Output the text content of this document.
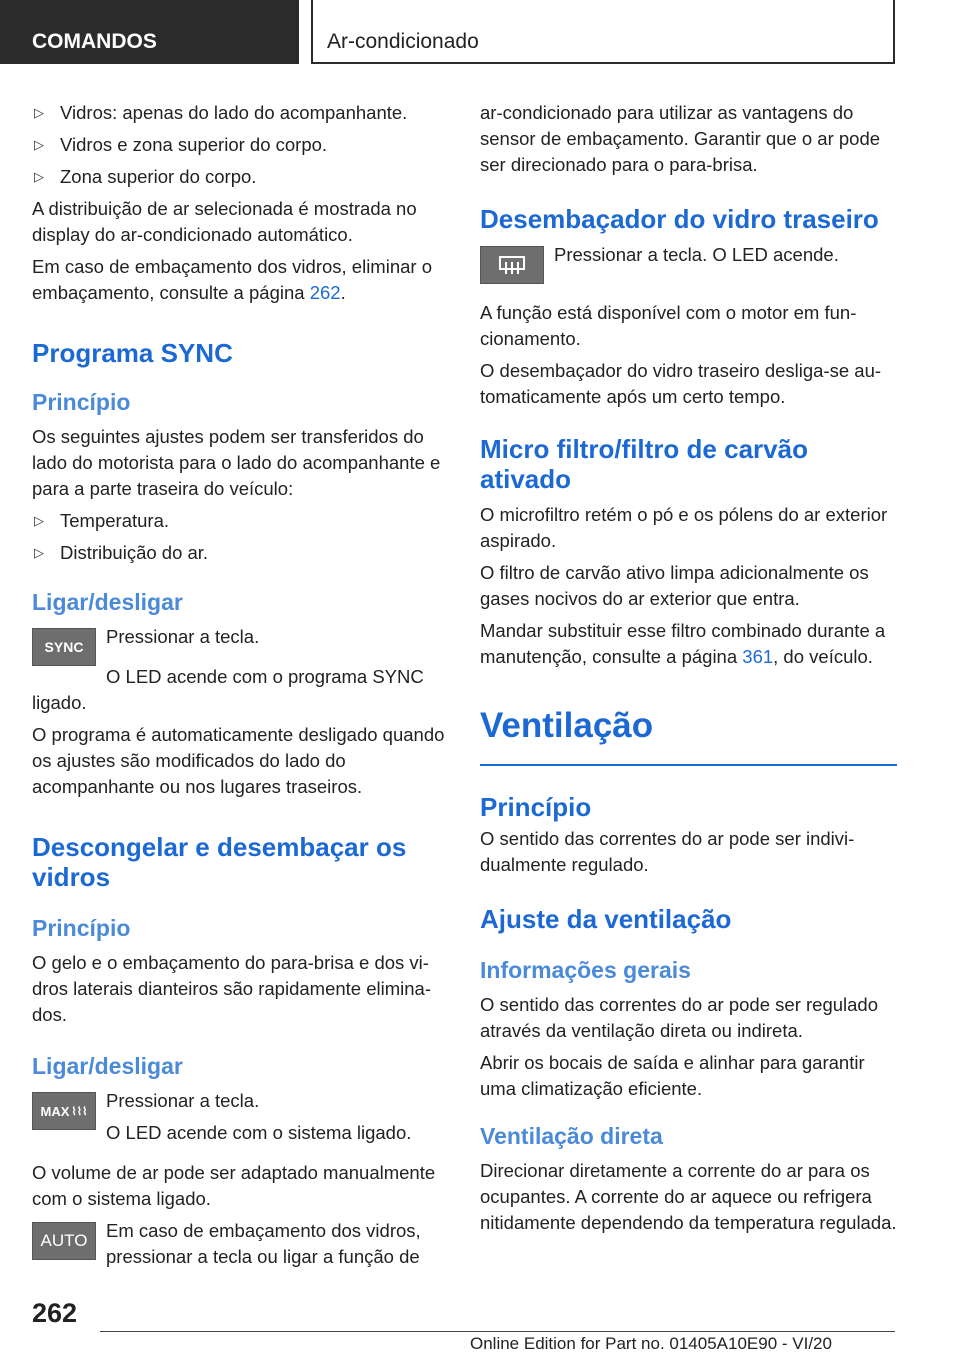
COMANDOS	Ar-condicionado

▷ Vidros: apenas do lado do acompanhante.

▷ Vidros e zona superior do corpo.

▷ Zona superior do corpo.

A distribuição de ar selecionada é mostrada no display do ar-condicionado automático.

Em caso de embaçamento dos vidros, eliminar o embaçamento, consulte a página 262.

Programa SYNC
Princípio

Os seguintes ajustes podem ser transferidos do lado do motorista para o lado do acompanhante e para a parte traseira do veículo:

▷ Temperatura.

▷ Distribuição do ar.

Ligar/desligar
SYNC	Pressionar a tecla.

O LED acende com o programa SYNC ligado.

O programa é automaticamente desligado quando os ajustes são modificados do lado do acompanhante ou nos lugares traseiros.

Descongelar e desembaçar os vidros
Princípio

O gelo e o embaçamento do para-brisa e dos vidros laterais dianteiros são rapidamente eliminados.

Ligar/desligar
MAX ⌇⌇⌇

Pressionar a tecla.

O LED acende com o sistema ligado.

O volume de ar pode ser adaptado manualmente com o sistema ligado.

AUTO	Em caso de embaçamento dos vidros, pressionar a tecla ou ligar a função de

ar-condicionado para utilizar as vantagens do sensor de embaçamento. Garantir que o ar pode ser direcionado para o para-brisa.

Desembaçador do vidro traseiro

Pressionar a tecla. O LED acende.

A função está disponível com o motor em funcionamento.

O desembaçador do vidro traseiro desliga-se automaticamente após um certo tempo.

Micro filtro/filtro de carvão ativado

O microfiltro retém o pó e os pólens do ar exterior aspirado.

O filtro de carvão ativo limpa adicionalmente os gases nocivos do ar exterior que entra.

Mandar substituir esse filtro combinado durante a manutenção, consulte a página 361, do veículo.

Ventilação
Princípio

O sentido das correntes do ar pode ser individualmente regulado.

Ajuste da ventilação
Informações gerais

O sentido das correntes do ar pode ser regulado através da ventilação direta ou indireta.

Abrir os bocais de saída e alinhar para garantir uma climatização eficiente.

Ventilação direta

Direcionar diretamente a corrente do ar para os ocupantes. A corrente do ar aquece ou refrigera nitidamente dependendo da temperatura regulada.

262
Online Edition for Part no. 01405A10E90 - VI/20
